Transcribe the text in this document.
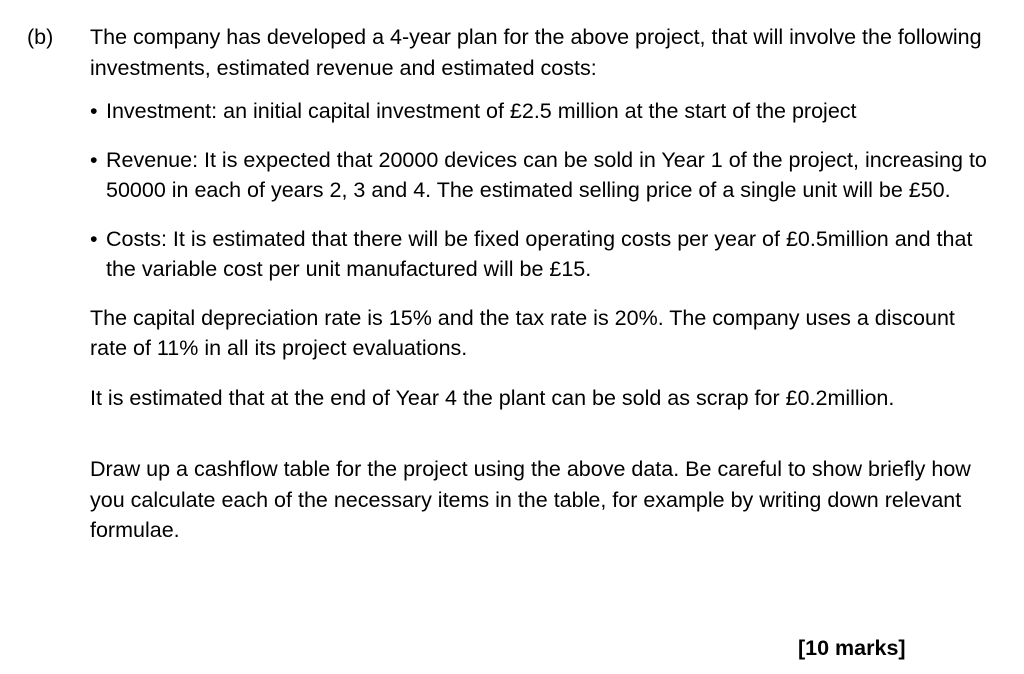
(b) The company has developed a 4-year plan for the above project, that will involve the following investments, estimated revenue and estimated costs:

• Investment: an initial capital investment of £2.5 million at the start of the project
• Revenue: It is expected that 20000 devices can be sold in Year 1 of the project, increasing to 50000 in each of years 2, 3 and 4. The estimated selling price of a single unit will be £50.
• Costs: It is estimated that there will be fixed operating costs per year of £0.5million and that the variable cost per unit manufactured will be £15.

The capital depreciation rate is 15% and the tax rate is 20%. The company uses a discount rate of 11% in all its project evaluations.

It is estimated that at the end of Year 4 the plant can be sold as scrap for £0.2million.

Draw up a cashflow table for the project using the above data. Be careful to show briefly how you calculate each of the necessary items in the table, for example by writing down relevant formulae.

[10 marks]
